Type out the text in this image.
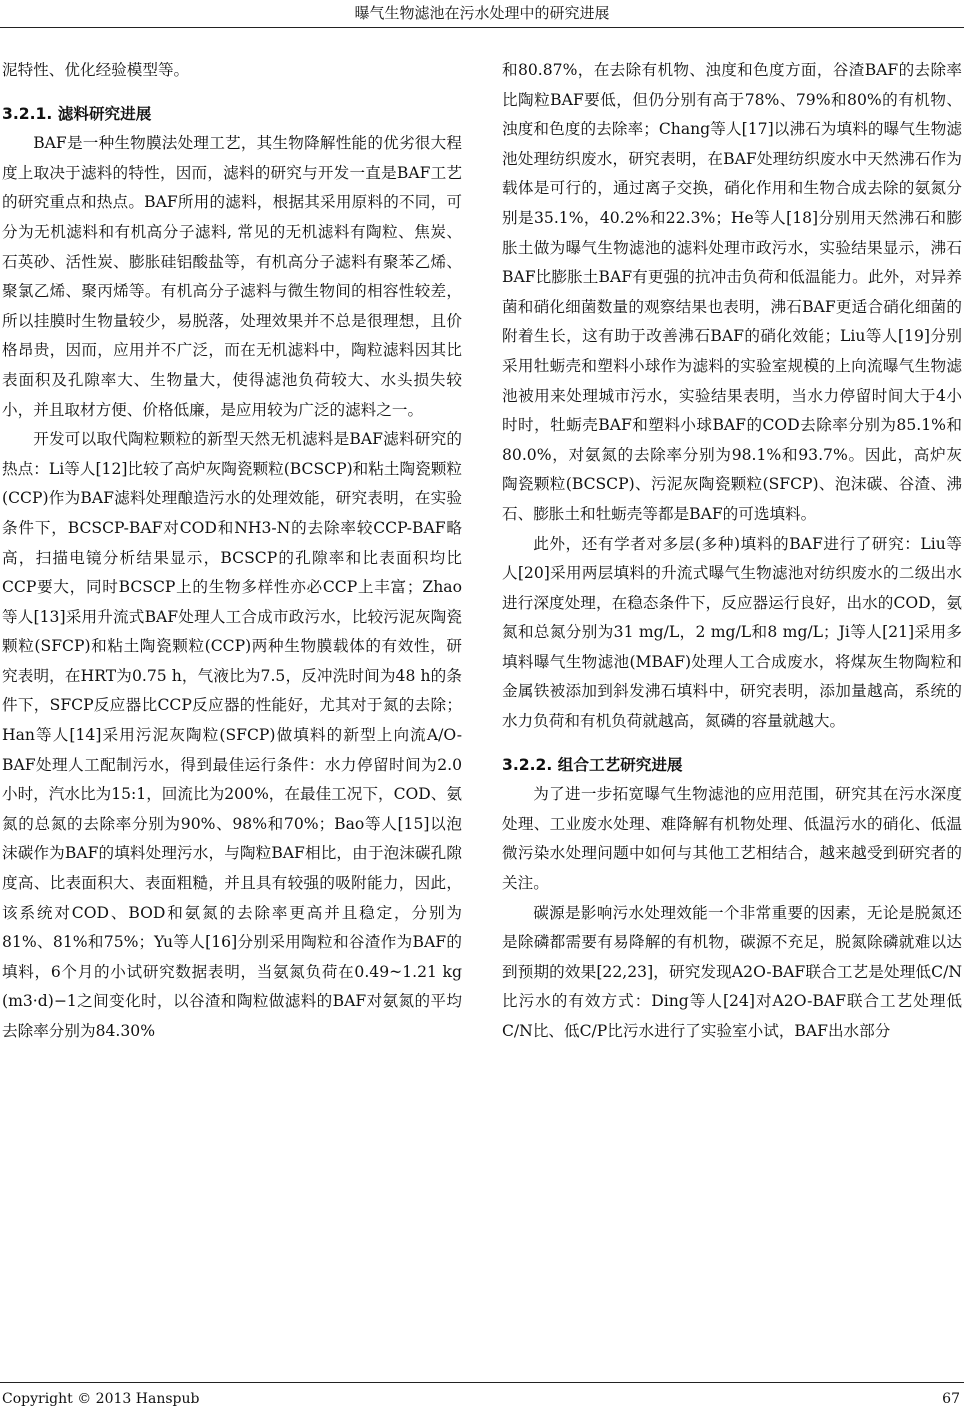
曝气生物滤池在污水处理中的研究进展

泥特性、优化经验模型等。

3.2.1. 滤料研究进展

BAF是一种生物膜法处理工艺，其生物降解性能的优劣很大程度上取决于滤料的特性，因而，滤料的研究与开发一直是BAF工艺的研究重点和热点。BAF所用的滤料，根据其采用原料的不同，可分为无机滤料和有机高分子滤料, 常见的无机滤料有陶粒、焦炭、石英砂、活性炭、膨胀硅铝酸盐等，有机高分子滤料有聚苯乙烯、聚氯乙烯、聚丙烯等。有机高分子滤料与微生物间的相容性较差，所以挂膜时生物量较少，易脱落，处理效果并不总是很理想，且价格昂贵，因而，应用并不广泛，而在无机滤料中，陶粒滤料因其比表面积及孔隙率大、生物量大，使得滤池负荷较大、水头损失较小，并且取材方便、价格低廉，是应用较为广泛的滤料之一。

开发可以取代陶粒颗粒的新型天然无机滤料是BAF滤料研究的热点：Li等人[12]比较了高炉灰陶瓷颗粒(BCSCP)和粘土陶瓷颗粒(CCP)作为BAF滤料处理酿造污水的处理效能，研究表明，在实验条件下，BCSCP-BAF对COD和NH3-N的去除率较CCP-BAF略高，扫描电镜分析结果显示，BCSCP的孔隙率和比表面积均比CCP要大，同时BCSCP上的生物多样性亦必CCP上丰富；Zhao等人[13]采用升流式BAF处理人工合成市政污水，比较污泥灰陶瓷颗粒(SFCP)和粘土陶瓷颗粒(CCP)两种生物膜载体的有效性，研究表明，在HRT为0.75 h，气液比为7.5，反冲洗时间为48 h的条件下，SFCP反应器比CCP反应器的性能好，尤其对于氮的去除；Han等人[14]采用污泥灰陶粒(SFCP)做填料的新型上向流A/O-BAF处理人工配制污水，得到最佳运行条件：水力停留时间为2.0小时，汽水比为15:1，回流比为200%，在最佳工况下，COD、氨氮的总氮的去除率分别为90%、98%和70%；Bao等人[15]以泡沫碳作为BAF的填料处理污水，与陶粒BAF相比，由于泡沫碳孔隙度高、比表面积大、表面粗糙，并且具有较强的吸附能力，因此，该系统对COD、BOD和氨氮的去除率更高并且稳定，分别为81%、81%和75%；Yu等人[16]分别采用陶粒和谷渣作为BAF的填料，6个月的小试研究数据表明，当氨氮负荷在0.49~1.21 kg (m3·d)−1之间变化时，以谷渣和陶粒做滤料的BAF对氨氮的平均去除率分别为84.30%

和80.87%，在去除有机物、浊度和色度方面，谷渣BAF的去除率比陶粒BAF要低，但仍分别有高于78%、79%和80%的有机物、浊度和色度的去除率；Chang等人[17]以沸石为填料的曝气生物滤池处理纺织废水，研究表明，在BAF处理纺织废水中天然沸石作为载体是可行的，通过离子交换，硝化作用和生物合成去除的氨氮分别是35.1%，40.2%和22.3%；He等人[18]分别用天然沸石和膨胀土做为曝气生物滤池的滤料处理市政污水，实验结果显示，沸石BAF比膨胀土BAF有更强的抗冲击负荷和低温能力。此外，对异养菌和硝化细菌数量的观察结果也表明，沸石BAF更适合硝化细菌的附着生长，这有助于改善沸石BAF的硝化效能；Liu等人[19]分别采用牡蛎壳和塑料小球作为滤料的实验室规模的上向流曝气生物滤池被用来处理城市污水，实验结果表明，当水力停留时间大于4小时时，牡蛎壳BAF和塑料小球BAF的COD去除率分别为85.1%和80.0%，对氨氮的去除率分别为98.1%和93.7%。因此，高炉灰陶瓷颗粒(BCSCP)、污泥灰陶瓷颗粒(SFCP)、泡沫碳、谷渣、沸石、膨胀土和牡蛎壳等都是BAF的可选填料。

此外，还有学者对多层(多种)填料的BAF进行了研究：Liu等人[20]采用两层填料的升流式曝气生物滤池对纺织废水的二级出水进行深度处理，在稳态条件下，反应器运行良好，出水的COD，氨氮和总氮分别为31 mg/L，2 mg/L和8 mg/L；Ji等人[21]采用多填料曝气生物滤池(MBAF)处理人工合成废水，将煤灰生物陶粒和金属铁被添加到斜发沸石填料中，研究表明，添加量越高，系统的水力负荷和有机负荷就越高，氮磷的容量就越大。

3.2.2. 组合工艺研究进展

为了进一步拓宽曝气生物滤池的应用范围，研究其在污水深度处理、工业废水处理、难降解有机物处理、低温污水的硝化、低温微污染水处理问题中如何与其他工艺相结合，越来越受到研究者的关注。

碳源是影响污水处理效能一个非常重要的因素，无论是脱氮还是除磷都需要有易降解的有机物，碳源不充足，脱氮除磷就难以达到预期的效果[22,23]，研究发现A2O-BAF联合工艺是处理低C/N比污水的有效方式：Ding等人[24]对A2O-BAF联合工艺处理低C/N比、低C/P比污水进行了实验室小试，BAF出水部分

Copyright © 2013 Hanspub	67
